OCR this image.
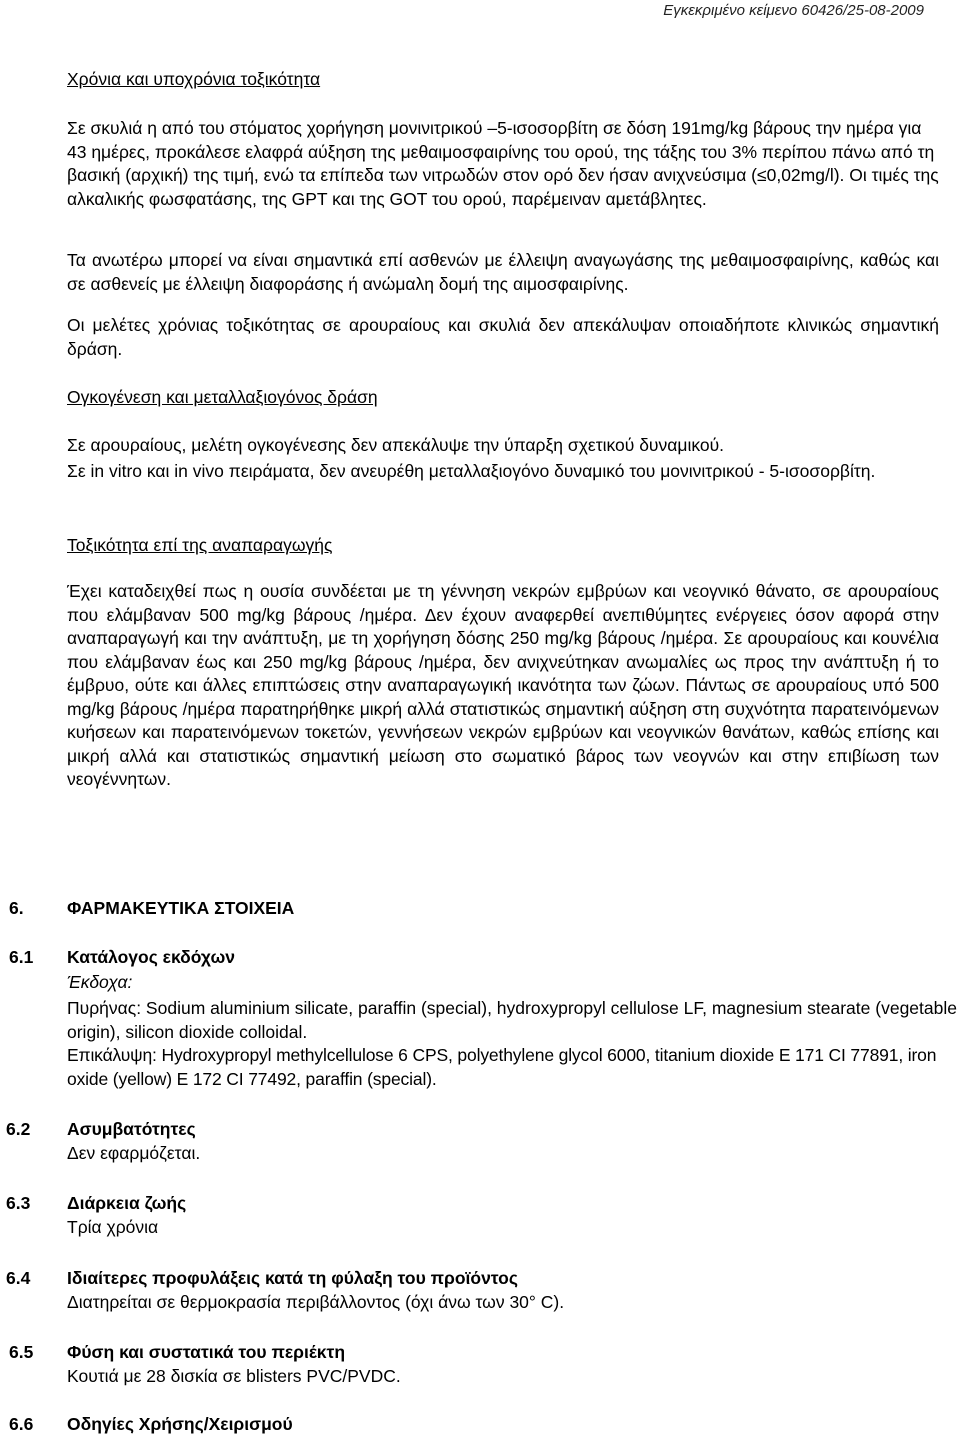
Εγκεκριμένο κείμενο 60426/25-08-2009
Χρόνια και υποχρόνια τοξικότητα
Σε σκυλιά η από του στόματος χορήγηση μονινιτρικού –5-ισοσορβίτη σε δόση 191mg/kg βάρους την ημέρα για 43 ημέρες, προκάλεσε ελαφρά αύξηση της μεθαιμοσφαιρίνης του ορού, της τάξης του 3% περίπου πάνω από τη βασική (αρχική) της τιμή, ενώ τα επίπεδα των νιτρωδών στον ορό δεν ήσαν ανιχνεύσιμα (≤0,02mg/l). Οι τιμές της αλκαλικής φωσφατάσης, της GPT και της GOT του ορού, παρέμειναν αμετάβλητες.
Τα ανωτέρω μπορεί να είναι σημαντικά επί ασθενών με έλλειψη αναγωγάσης της μεθαιμοσφαιρίνης, καθώς και σε ασθενείς με έλλειψη διαφοράσης ή ανώμαλη δομή της αιμοσφαιρίνης.
Οι μελέτες χρόνιας τοξικότητας σε αρουραίους και σκυλιά δεν απεκάλυψαν οποιαδήποτε κλινικώς σημαντική δράση.
Ογκογένεση και μεταλλαξιογόνος δράση
Σε αρουραίους, μελέτη ογκογένεσης δεν απεκάλυψε την ύπαρξη σχετικού δυναμικού.
Σε in vitro και in vivo πειράματα, δεν ανευρέθη μεταλλαξιογόνο δυναμικό του μονινιτρικού - 5-ισοσορβίτη.
Τοξικότητα επί της αναπαραγωγής
Έχει καταδειχθεί πως η ουσία συνδέεται με τη γέννηση νεκρών εμβρύων και νεογνικό θάνατο, σε αρουραίους που ελάμβαναν 500 mg/kg βάρους /ημέρα. Δεν έχουν αναφερθεί ανεπιθύμητες ενέργειες όσον αφορά στην αναπαραγωγή και την ανάπτυξη, με τη χορήγηση δόσης 250 mg/kg βάρους /ημέρα. Σε αρουραίους και κουνέλια που ελάμβαναν έως και 250 mg/kg βάρους /ημέρα, δεν ανιχνεύτηκαν ανωμαλίες ως προς την ανάπτυξη ή το έμβρυο, ούτε και άλλες επιπτώσεις στην αναπαραγωγική ικανότητα των ζώων. Πάντως σε αρουραίους υπό 500 mg/kg βάρους /ημέρα παρατηρήθηκε μικρή αλλά στατιστικώς σημαντική αύξηση στη συχνότητα παρατεινόμενων κυήσεων και παρατεινόμενων τοκετών, γεννήσεων νεκρών εμβρύων και νεογνικών θανάτων, καθώς επίσης και μικρή αλλά και στατιστικώς σημαντική μείωση στο σωματικό βάρος των νεογνών και στην επιβίωση των νεογέννητων.
6. ΦΑΡΜΑΚΕΥΤΙΚΑ ΣΤΟΙΧΕΙΑ
6.1 Κατάλογος εκδόχων
Έκδοχα:
Πυρήνας: Sodium aluminium silicate, paraffin (special), hydroxypropyl cellulose LF, magnesium stearate (vegetable origin), silicon dioxide colloidal.
Επικάλυψη: Hydroxypropyl methylcellulose 6 CPS, polyethylene glycol 6000, titanium dioxide E 171 CI 77891, iron oxide (yellow) E 172 CI 77492, paraffin (special).
6.2 Ασυμβατότητες
Δεν εφαρμόζεται.
6.3 Διάρκεια ζωής
Τρία χρόνια
6.4 Ιδιαίτερες προφυλάξεις κατά τη φύλαξη του προϊόντος
Διατηρείται σε θερμοκρασία περιβάλλοντος (όχι άνω των 30° C).
6.5 Φύση και συστατικά του περιέκτη
Κουτιά με 28 δισκία σε blisters PVC/PVDC.
6.6 Οδηγίες Χρήσης/Χειρισμού
